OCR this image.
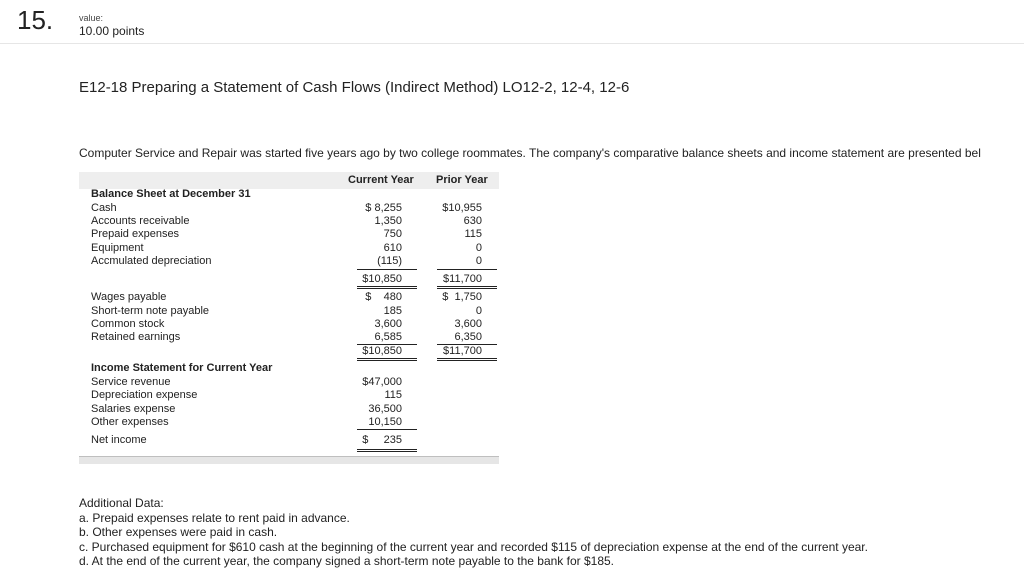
15.	value:
10.00 points
E12-18 Preparing a Statement of Cash Flows (Indirect Method) LO12-2, 12-4, 12-6
Computer Service and Repair was started five years ago by two college roommates. The company's comparative balance sheets and income statement are presented bel
Current Year Prior Year
Balance Sheet at December 31
Cash	$ 8,255	$10,955
Accounts receivable	1,350	630
Prepaid expenses	750	115
Equipment	610	0
Accmulated depreciation	(115)	0
$10,850	$11,700
Wages payable	$    480	$  1,750
Short-term note payable	185	0
Common stock	3,600	3,600
Retained earnings	6,585	6,350
$10,850	$11,700
Income Statement for Current Year
Service revenue	$47,000
Depreciation expense	115
Salaries expense	36,500
Other expenses	10,150
Net income	$     235
Additional Data:
a. Prepaid expenses relate to rent paid in advance.
b. Other expenses were paid in cash.
c. Purchased equipment for $610 cash at the beginning of the current year and recorded $115 of depreciation expense at the end of the current year.
d. At the end of the current year, the company signed a short-term note payable to the bank for $185.
